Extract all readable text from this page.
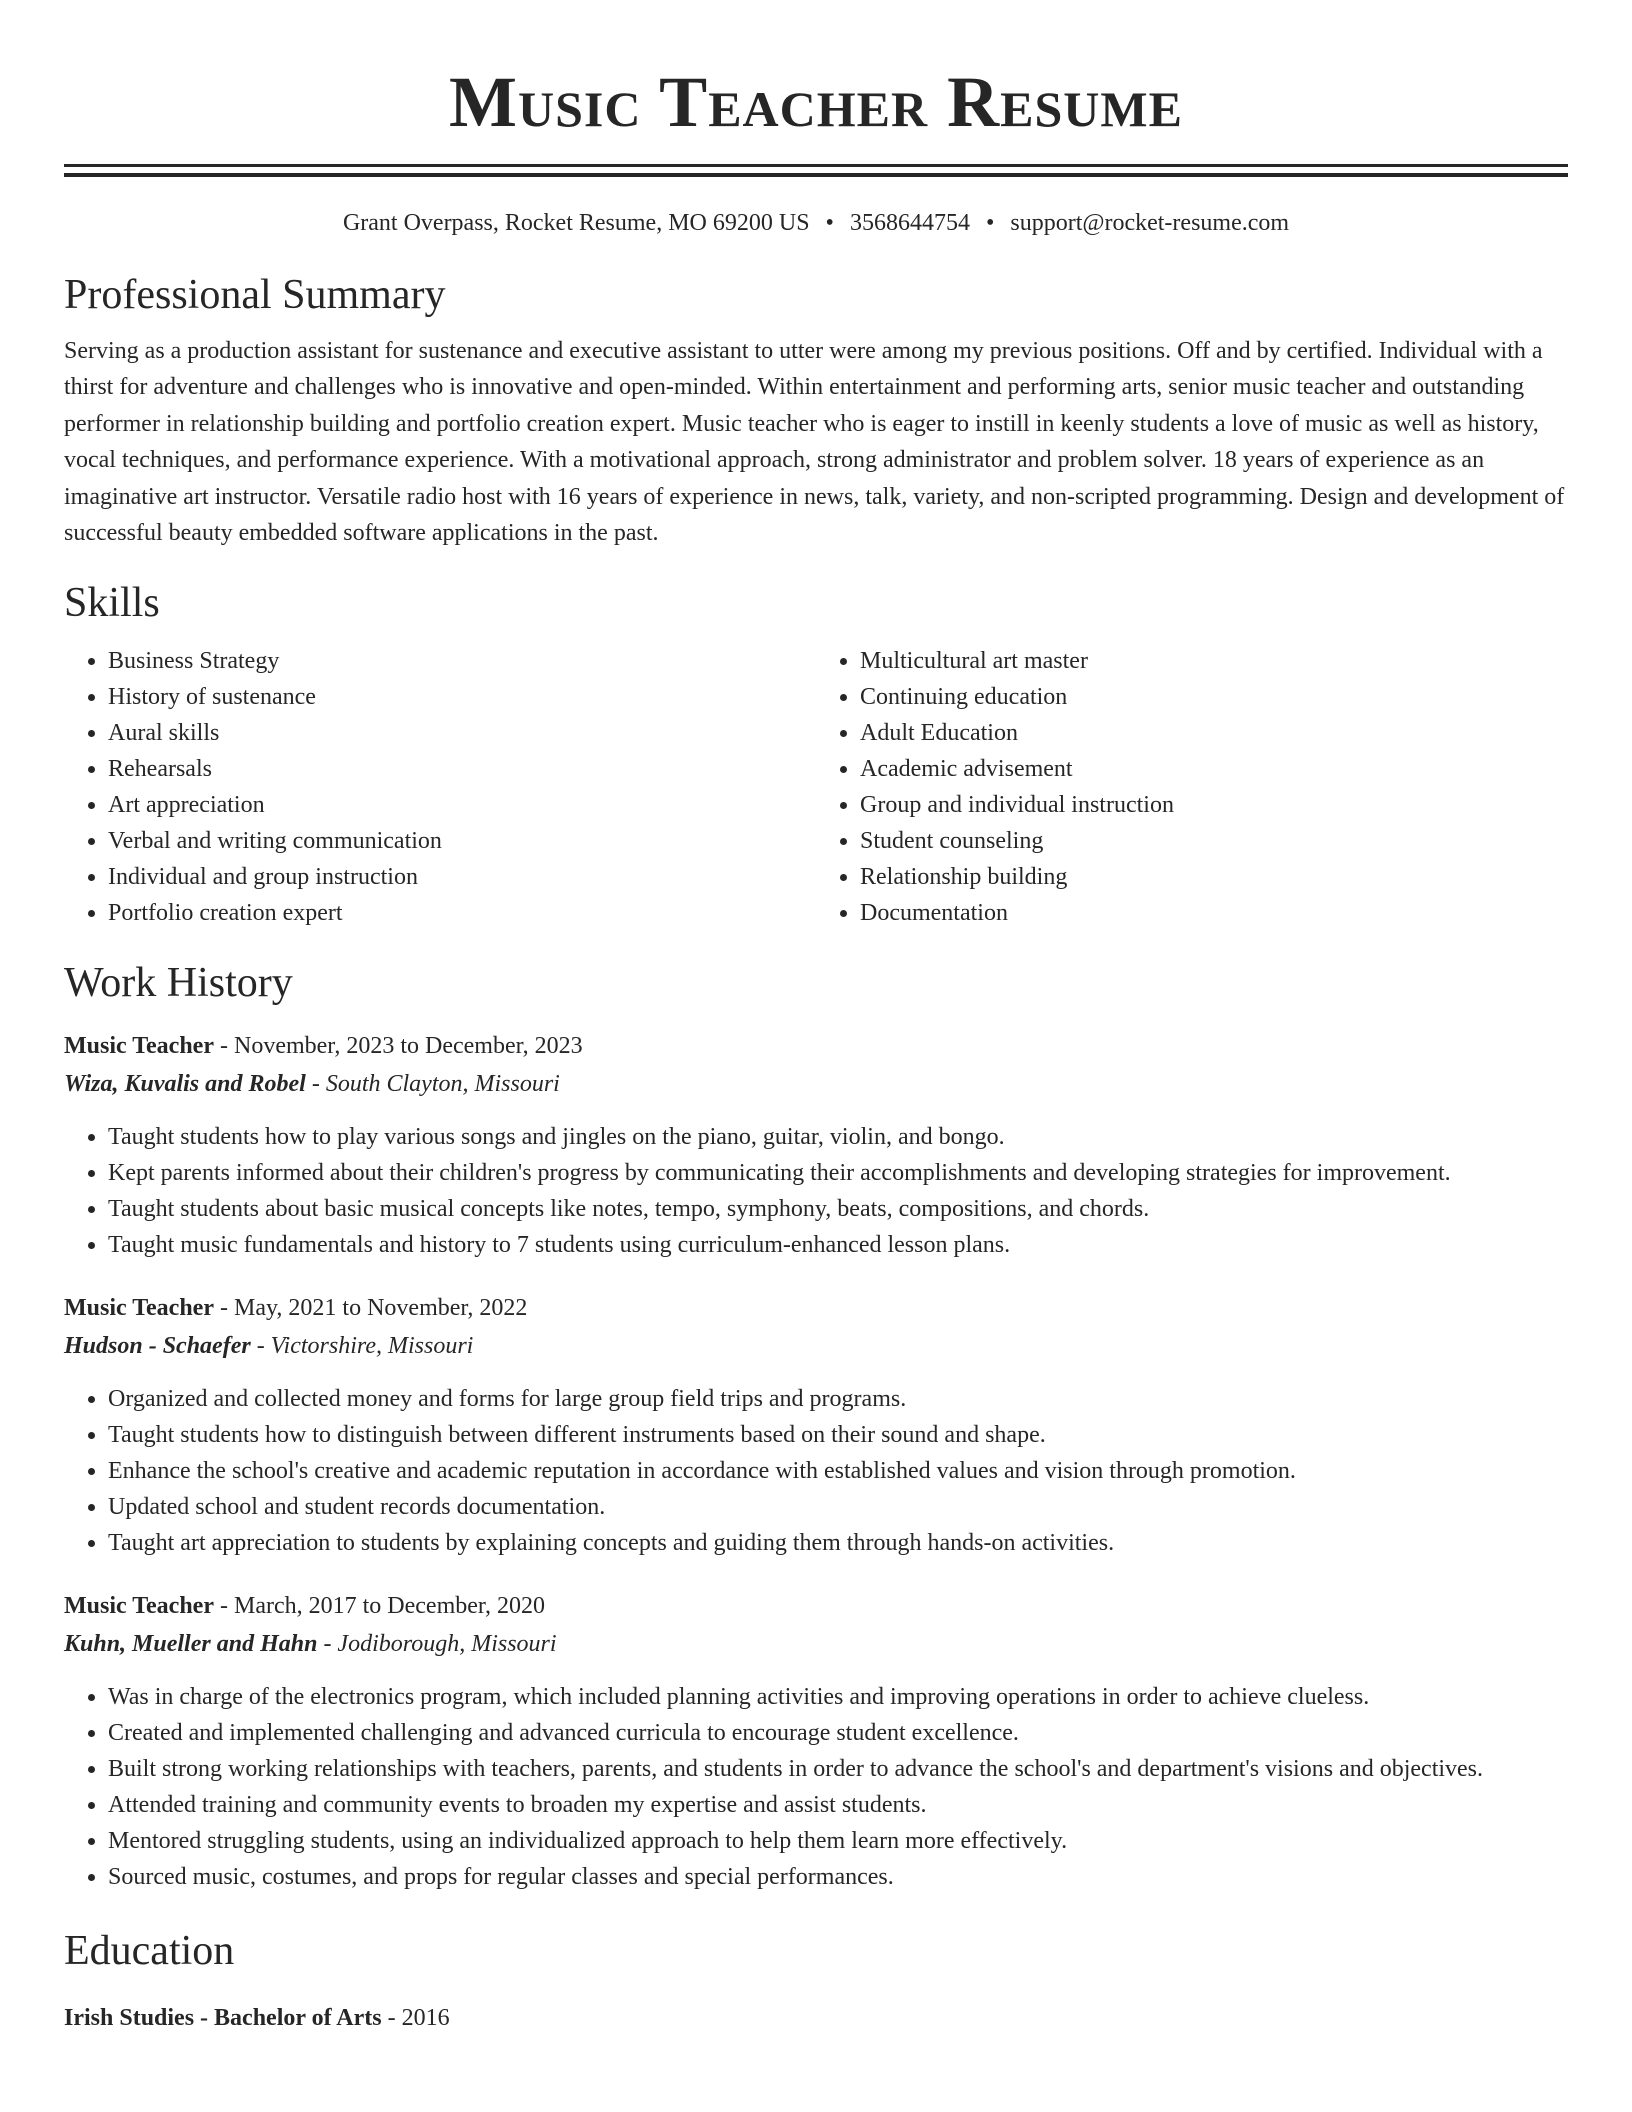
Music Teacher Resume
Grant Overpass, Rocket Resume, MO 69200 US • 3568644754 • support@rocket-resume.com
Professional Summary

Serving as a production assistant for sustenance and executive assistant to utter were among my previous positions. Off and by certified. Individual with a thirst for adventure and challenges who is innovative and open-minded. Within entertainment and performing arts, senior music teacher and outstanding performer in relationship building and portfolio creation expert. Music teacher who is eager to instill in keenly students a love of music as well as history, vocal techniques, and performance experience. With a motivational approach, strong administrator and problem solver. 18 years of experience as an imaginative art instructor. Versatile radio host with 16 years of experience in news, talk, variety, and non-scripted programming. Design and development of successful beauty embedded software applications in the past.

Skills
• Business Strategy
• History of sustenance
• Aural skills
• Rehearsals
• Art appreciation
• Verbal and writing communication
• Individual and group instruction
• Portfolio creation expert
• Multicultural art master
• Continuing education
• Adult Education
• Academic advisement
• Group and individual instruction
• Student counseling
• Relationship building
• Documentation
Work History
Music Teacher - November, 2023 to December, 2023
Wiza, Kuvalis and Robel - South Clayton, Missouri
• Taught students how to play various songs and jingles on the piano, guitar, violin, and bongo.
• Kept parents informed about their children's progress by communicating their accomplishments and developing strategies for improvement.
• Taught students about basic musical concepts like notes, tempo, symphony, beats, compositions, and chords.
• Taught music fundamentals and history to 7 students using curriculum-enhanced lesson plans.
Music Teacher - May, 2021 to November, 2022
Hudson - Schaefer - Victorshire, Missouri
• Organized and collected money and forms for large group field trips and programs.
• Taught students how to distinguish between different instruments based on their sound and shape.
• Enhance the school's creative and academic reputation in accordance with established values and vision through promotion.
• Updated school and student records documentation.
• Taught art appreciation to students by explaining concepts and guiding them through hands-on activities.
Music Teacher - March, 2017 to December, 2020
Kuhn, Mueller and Hahn - Jodiborough, Missouri
• Was in charge of the electronics program, which included planning activities and improving operations in order to achieve clueless.
• Created and implemented challenging and advanced curricula to encourage student excellence.
• Built strong working relationships with teachers, parents, and students in order to advance the school's and department's visions and objectives.
• Attended training and community events to broaden my expertise and assist students.
• Mentored struggling students, using an individualized approach to help them learn more effectively.
• Sourced music, costumes, and props for regular classes and special performances.
Education
Irish Studies - Bachelor of Arts - 2016
